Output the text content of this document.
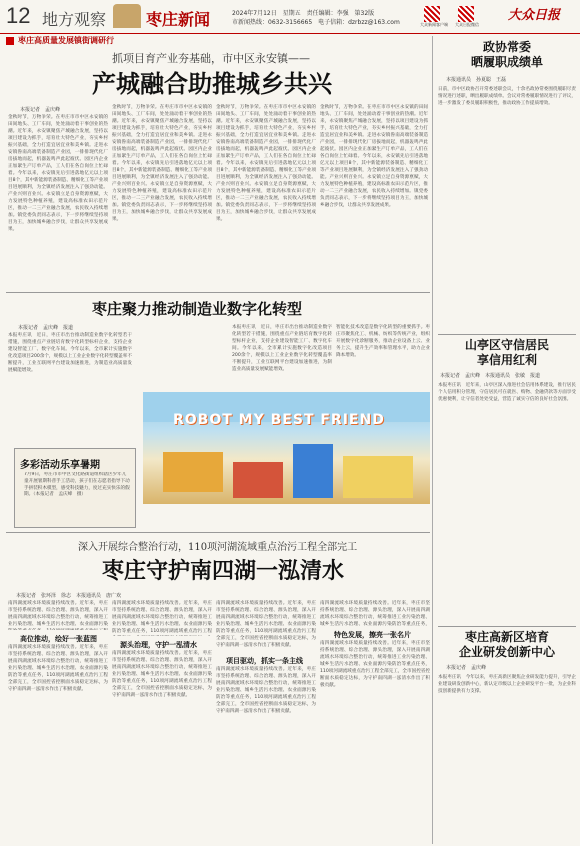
12 地方观察 枣庄新闻	2024年7月12日 星期五 责任编辑：李强 第32版
市新闻热线：0632-3156665 电子信箱：dzrbzz@163.com	大众新闻客户端 大众日报微信
大众日报
枣庄高质量发展镇街调研行
抓项目育产业夯基础，市中区永安镇——
产城融合助推城乡共兴
本报记者　孟庆峰
金秋时节，万物争荣。在枣庄市市中区永安镇的田间地头、工厂车间，处处涌动着干事创业的热潮。近年来，永安镇聚焦产城融合发展，坚持以项目建设为抓手，培育壮大特色产业，夯实乡村振兴基础，全力打造宜居宜业和美乡镇。走进永安镇鲁南高端装备制造产业园，一排排现代化厂房拔地而起，机器轰鸣声此起彼伏。园区内企业正加紧生产订单产品，工人们在各自岗位上忙碌着。今年以来，永安镇先后引进落地亿元以上项目8个，其中新能源装备制造、精细化工等产业项目进展顺利，为全镇经济发展注入了强劲动能。产业兴则百业兴。永安镇立足自身资源禀赋，大力发展特色种植养殖，建设高标准农田示范片区，推动一二三产业融合发展，农民收入持续增加。镇党委负责同志表示，下一步将继续坚持项目为王，加快城乡融合步伐，让群众共享发展成果。
金秋时节，万物争荣。在枣庄市市中区永安镇的田间地头、工厂车间，处处涌动着干事创业的热潮。近年来，永安镇聚焦产城融合发展，坚持以项目建设为抓手，培育壮大特色产业，夯实乡村振兴基础，全力打造宜居宜业和美乡镇。走进永安镇鲁南高端装备制造产业园，一排排现代化厂房拔地而起，机器轰鸣声此起彼伏。园区内企业正加紧生产订单产品，工人们在各自岗位上忙碌着。今年以来，永安镇先后引进落地亿元以上项目8个，其中新能源装备制造、精细化工等产业项目进展顺利，为全镇经济发展注入了强劲动能。产业兴则百业兴。永安镇立足自身资源禀赋，大力发展特色种植养殖，建设高标准农田示范片区，推动一二三产业融合发展，农民收入持续增加。镇党委负责同志表示，下一步将继续坚持项目为王，加快城乡融合步伐，让群众共享发展成果。
金秋时节，万物争荣。在枣庄市市中区永安镇的田间地头、工厂车间，处处涌动着干事创业的热潮。近年来，永安镇聚焦产城融合发展，坚持以项目建设为抓手，培育壮大特色产业，夯实乡村振兴基础，全力打造宜居宜业和美乡镇。走进永安镇鲁南高端装备制造产业园，一排排现代化厂房拔地而起，机器轰鸣声此起彼伏。园区内企业正加紧生产订单产品，工人们在各自岗位上忙碌着。今年以来，永安镇先后引进落地亿元以上项目8个，其中新能源装备制造、精细化工等产业项目进展顺利，为全镇经济发展注入了强劲动能。产业兴则百业兴。永安镇立足自身资源禀赋，大力发展特色种植养殖，建设高标准农田示范片区，推动一二三产业融合发展，农民收入持续增加。镇党委负责同志表示，下一步将继续坚持项目为王，加快城乡融合步伐，让群众共享发展成果。
金秋时节，万物争荣。在枣庄市市中区永安镇的田间地头、工厂车间，处处涌动着干事创业的热潮。近年来，永安镇聚焦产城融合发展，坚持以项目建设为抓手，培育壮大特色产业，夯实乡村振兴基础，全力打造宜居宜业和美乡镇。走进永安镇鲁南高端装备制造产业园，一排排现代化厂房拔地而起，机器轰鸣声此起彼伏。园区内企业正加紧生产订单产品，工人们在各自岗位上忙碌着。今年以来，永安镇先后引进落地亿元以上项目8个，其中新能源装备制造、精细化工等产业项目进展顺利，为全镇经济发展注入了强劲动能。产业兴则百业兴。永安镇立足自身资源禀赋，大力发展特色种植养殖，建设高标准农田示范片区，推动一二三产业融合发展，农民收入持续增加。镇党委负责同志表示，下一步将继续坚持项目为王，加快城乡融合步伐，让群众共享发展成果。
枣庄聚力推动制造业数字化转型
本报记者　孟庆峰　报道
本报枣庄讯　近日，枣庄市出台推动制造业数字化转型若干措施，围绕重点产业链培育数字化转型标杆企业，支持企业建设智能工厂、数字化车间。今年以来，全市累计实施数字化改造项目200余个，规模以上工业企业数字化转型覆盖率不断提升，工业互联网平台建设加速推进，为制造业高质量发展赋能增效。
本报枣庄讯　近日，枣庄市出台推动制造业数字化转型若干措施，围绕重点产业链培育数字化转型标杆企业，支持企业建设智能工厂、数字化车间。今年以来，全市累计实施数字化改造项目200余个，规模以上工业企业数字化转型覆盖率不断提升，工业互联网平台建设加速推进，为制造业高质量发展赋能增效。
智能化技术改造是数字化转型的重要抓手。枣庄市聚焦化工、机械、纺织等传统产业，组织开展数字化诊断服务，推动企业设备上云、业务上云，提升生产效率和管理水平，助力企业降本增效。
ROBOT MY BEST FRIEND
多彩活动乐享暑期
7月9日，枣庄市市中区文化路街道组织辖区少年儿童开展暑期科普手工活动，孩子们在志愿者指导下动手拼装积木模型，感受科技魅力，度过充实快乐的假期。（本报记者　孟庆峰　摄）
深入开展综合整治行动，110项河湖流域重点治污工程全部完工
枣庄守护南四湖一泓清水
本报记者　张环泽　徐志　本报通讯员　唐广欢
南四湖流域水环境质量持续改善。近年来，枣庄市坚持系统治理、综合治理、源头治理，深入开展南四湖流域水环境综合整治行动，统筹推进工业污染治理、城乡生活污水治理、农业面源污染
高位推动，绘好一张蓝图
南四湖流域水环境质量持续改善。近年来，枣庄市坚持系统治理、综合治理、源头治理，深入开展南四湖流域水环境综合整治行动，统筹推进工业污染治理、城乡生活污水治理、农业面源污染防治等重点任务，110项河湖流域重点治污工程全部完工，全市国控省控断面水质稳定达标，为守护南四湖一泓清水作出了积极贡献。
南四湖流域水环境质量持续改善。近年来，枣庄市坚持系统治理、综合治理、源头治理，深入开展南四湖流域水环境综合整治行动，统筹推进工业污染治理、城乡生活污水治理、农业面源污染防治等重点任务，110项河湖流域重点治污工程
源头治理，守护一泓清水
南四湖流域水环境质量持续改善。近年来，枣庄市坚持系统治理、综合治理、源头治理，深入开展南四湖流域水环境综合整治行动，统筹推进工业污染治理、城乡生活污水治理、农业面源污染防治等重点任务，110项河湖流域重点治污工程全部完工，全市国控省控断面水质稳定达标，为守护南四湖一泓清水作出了积极贡献。
南四湖流域水环境质量持续改善。近年来，枣庄市坚持系统治理、综合治理、源头治理，深入开展南四湖流域水环境综合整治行动，统筹推进工业污染治理、城乡生活污水治理、农业面源污染防治等重点任务，110项河湖流域重点治污工程全部完工，全市国控省控断面水质稳定达标，为守护南四湖一泓清水作出了积极贡献。
项目驱动，抓实一条主线
南四湖流域水环境质量持续改善。近年来，枣庄市坚持系统治理、综合治理、源头治理，深入开展南四湖流域水环境综合整治行动，统筹推进工业污染治理、城乡生活污水治理、农业面源污染防治等重点任务，110项河湖流域重点治污工程全部完工，全市国控省控断面水质稳定达标，为守护南四湖一泓清水作出了积极贡献。
南四湖流域水环境质量持续改善。近年来，枣庄市坚持系统治理、综合治理、源头治理，深入开展南四湖流域水环境综合整治行动，统筹推进工业污染治理、城乡生活污水治理、农业面源污染防治等重点任务，
特色发展，擦亮一张名片
南四湖流域水环境质量持续改善。近年来，枣庄市坚持系统治理、综合治理、源头治理，深入开展南四湖流域水环境综合整治行动，统筹推进工业污染治理、城乡生活污水治理、农业面源污染防治等重点任务，110项河湖流域重点治污工程全部完工，全市国控省控断面水质稳定达标，为守护南四湖一泓清水作出了积极贡献。
政协常委
晒履职成绩单
本报通讯员　孙夏聪　王磊
日前，市中区政协召开常委述职会议，十余名政协常委围绕履职尽责情况进行述职，晒出履职成绩单。会议对常委履职情况进行了评议，进一步激发了委员履职积极性，推动政协工作提质增效。
山亭区守信居民
享信用红利
本报记者　孟庆峰　本报通讯员　张敏　报道
本报枣庄讯　近年来，山亭区深入推进社会信用体系建设，推行居民个人信用积分管理，守信居民可在就医、购物、金融贷款等方面享受优惠便利，让守信者处处受益，营造了诚实守信的良好社会氛围。
枣庄高新区培育
企业研发创新中心
本报记者　孟庆峰
本报枣庄讯　今年以来，枣庄高新区聚焦企业研发能力提升，引导企业建设研发创新中心，新认定市级以上企业研发平台一批，为企业科技创新提供有力支撑。
